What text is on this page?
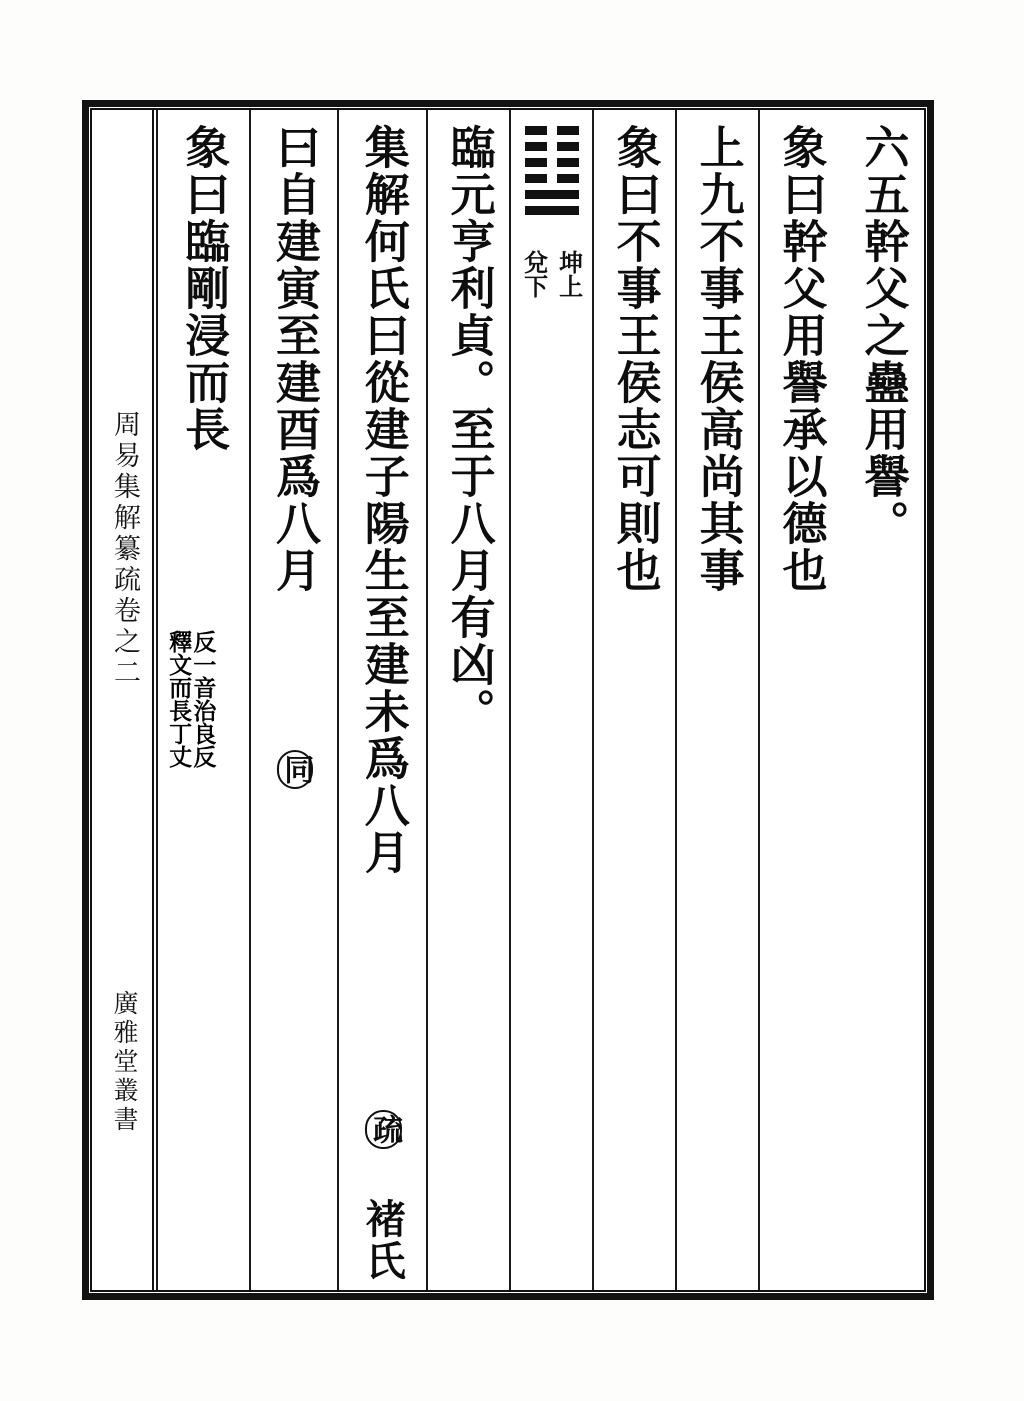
周易集解纂疏卷之二
廣雅堂叢書
六五幹父之蠱用譽。
象曰幹父用譽承以德也
上九不事王侯高尚其事
象曰不事王侯志可則也
坤上
兌下
臨元亨利貞。至于八月有凶。
集解何氏曰從建子陽生至建未爲八月
疏
褚氏
曰自建寅至建酉爲八月
同
象曰臨剛浸而長
釋文而長丁丈
反一音治良反
